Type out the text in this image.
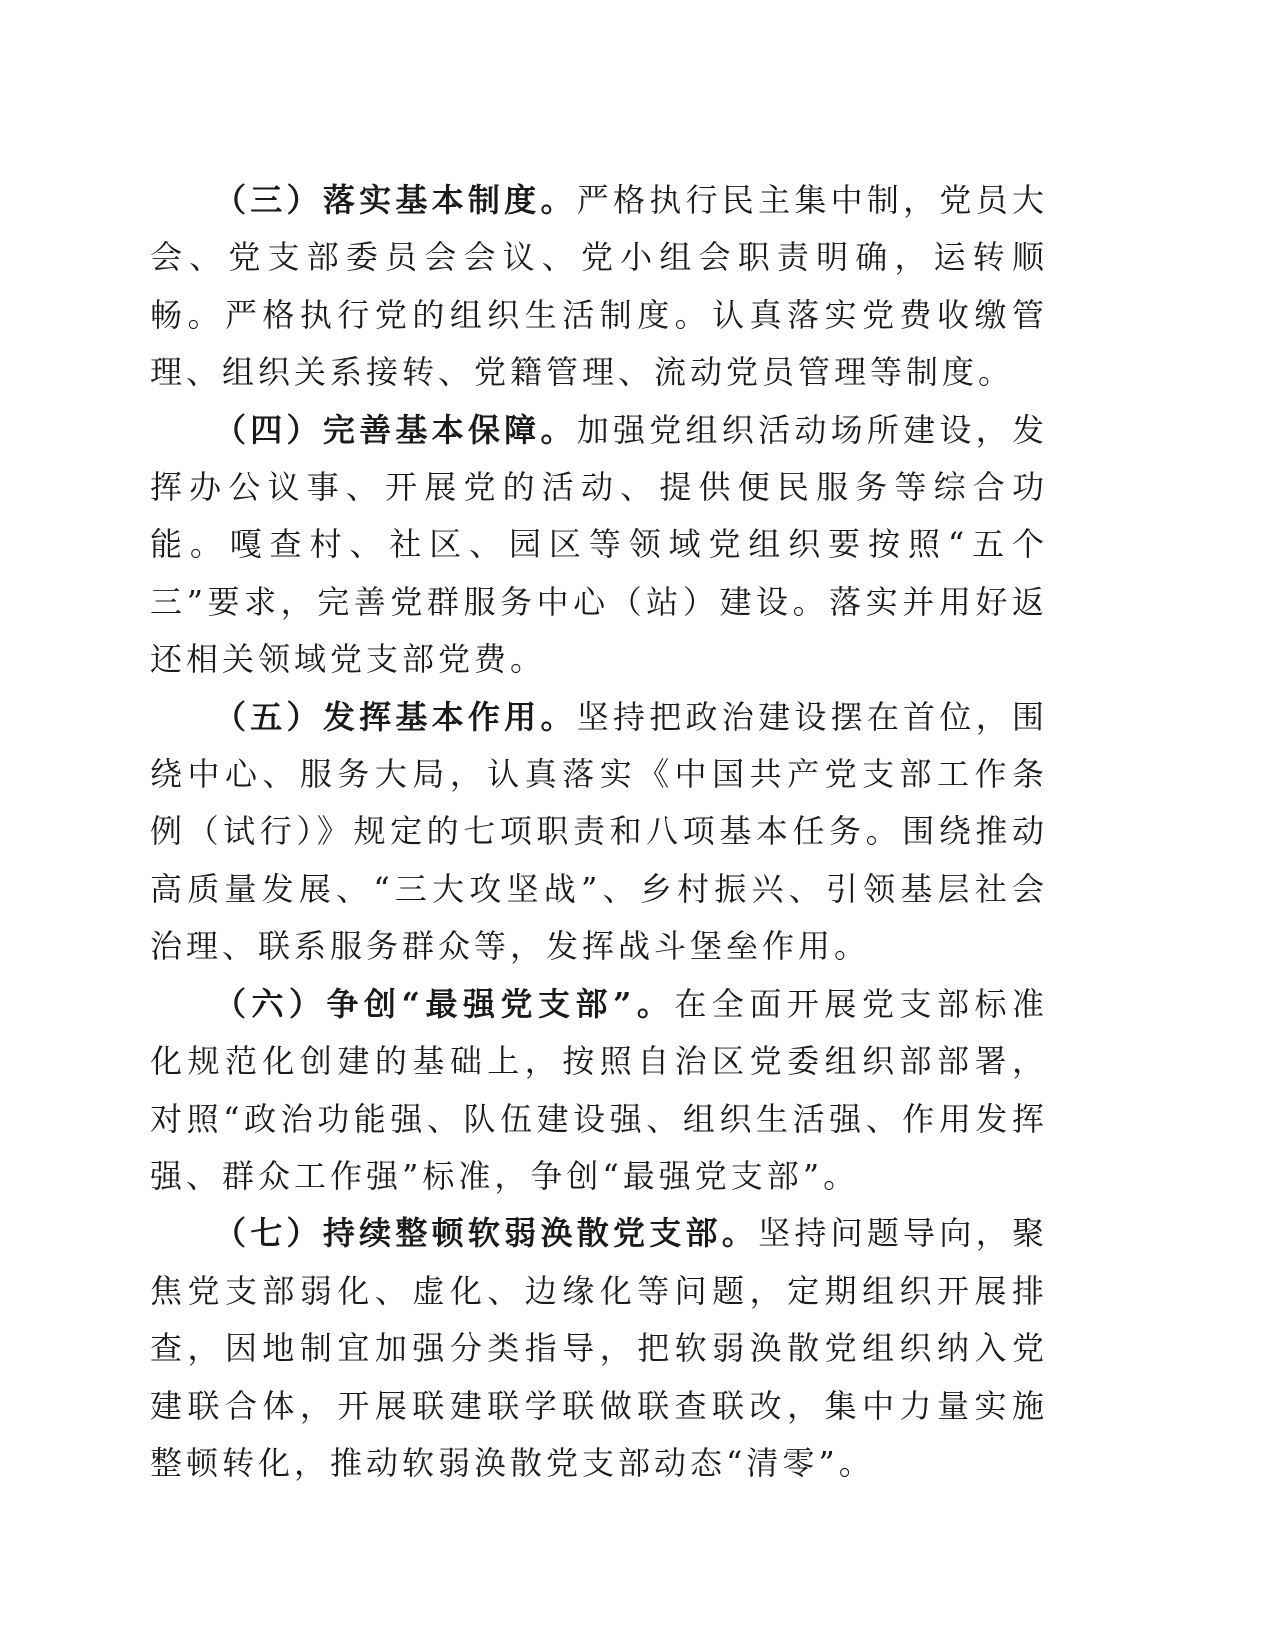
（三）落实基本制度。严格执行民主集中制，党员大会、党支部委员会会议、党小组会职责明确，运转顺畅。严格执行党的组织生活制度。认真落实党费收缴管理、组织关系接转、党籍管理、流动党员管理等制度。

（四）完善基本保障。加强党组织活动场所建设，发挥办公议事、开展党的活动、提供便民服务等综合功能。嘎查村、社区、园区等领域党组织要按照“五个三”要求，完善党群服务中心（站）建设。落实并用好返还相关领域党支部党费。

（五）发挥基本作用。坚持把政治建设摆在首位，围绕中心、服务大局，认真落实《中国共产党支部工作条例（试行）》规定的七项职责和八项基本任务。围绕推动高质量发展、“三大攻坚战”、乡村振兴、引领基层社会治理、联系服务群众等，发挥战斗堡垒作用。

（六）争创“最强党支部”。在全面开展党支部标准化规范化创建的基础上，按照自治区党委组织部部署，对照“政治功能强、队伍建设强、组织生活强、作用发挥强、群众工作强”标准，争创“最强党支部”。

（七）持续整顿软弱涣散党支部。坚持问题导向，聚焦党支部弱化、虚化、边缘化等问题，定期组织开展排查，因地制宜加强分类指导，把软弱涣散党组织纳入党建联合体，开展联建联学联做联查联改，集中力量实施整顿转化，推动软弱涣散党支部动态“清零”。
